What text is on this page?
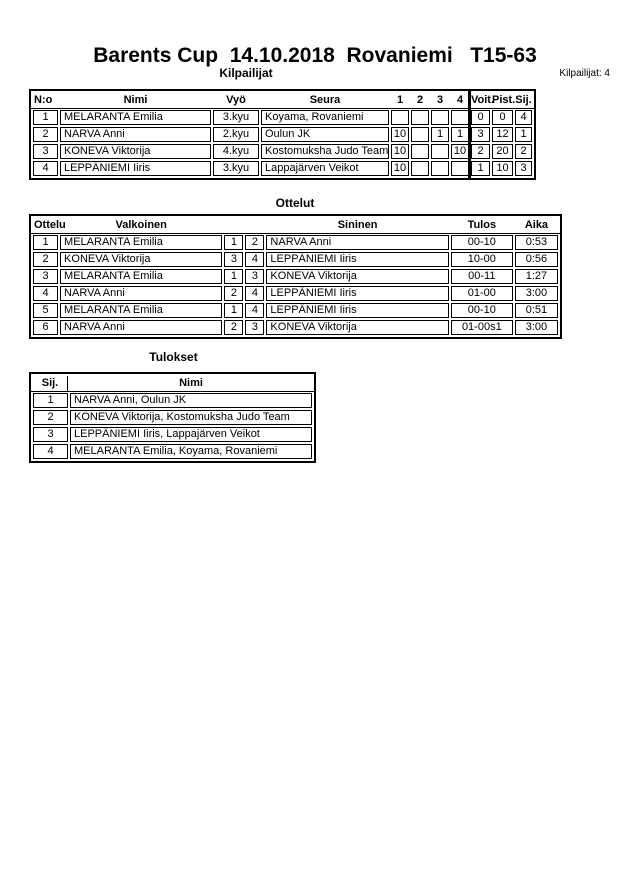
Barents Cup  14.10.2018  Rovaniemi   T15-63
Kilpailijat	Kilpailijat: 4
N:o	Nimi	Vyö	Seura	1	2	3	4	Voit.	Pist.	Sij.
1	MELARANTA Emilia	3.kyu	Koyama, Rovaniemi					0	0	4
2	NARVA Anni	2.kyu	Oulun JK	10		1	1	3	12	1
3	KONEVA Viktorija	4.kyu	Kostomuksha Judo Team	10			10	2	20	2
4	LEPPÄNIEMI Iiris	3.kyu	Lappajärven Veikot	10				1	10	3
Ottelut
Ottelu	Valkoinen			Sininen	Tulos	Aika
1	MELARANTA Emilia	1	2	NARVA Anni	00-10	0:53
2	KONEVA Viktorija	3	4	LEPPÄNIEMI Iiris	10-00	0:56
3	MELARANTA Emilia	1	3	KONEVA Viktorija	00-11	1:27
4	NARVA Anni	2	4	LEPPÄNIEMI Iiris	01-00	3:00
5	MELARANTA Emilia	1	4	LEPPÄNIEMI Iiris	00-10	0:51
6	NARVA Anni	2	3	KONEVA Viktorija	01-00s1	3:00
Tulokset
Sij.	Nimi
1	NARVA Anni, Oulun JK
2	KONEVA Viktorija, Kostomuksha Judo Team
3	LEPPÄNIEMI Iiris, Lappajärven Veikot
4	MELARANTA Emilia, Koyama, Rovaniemi
